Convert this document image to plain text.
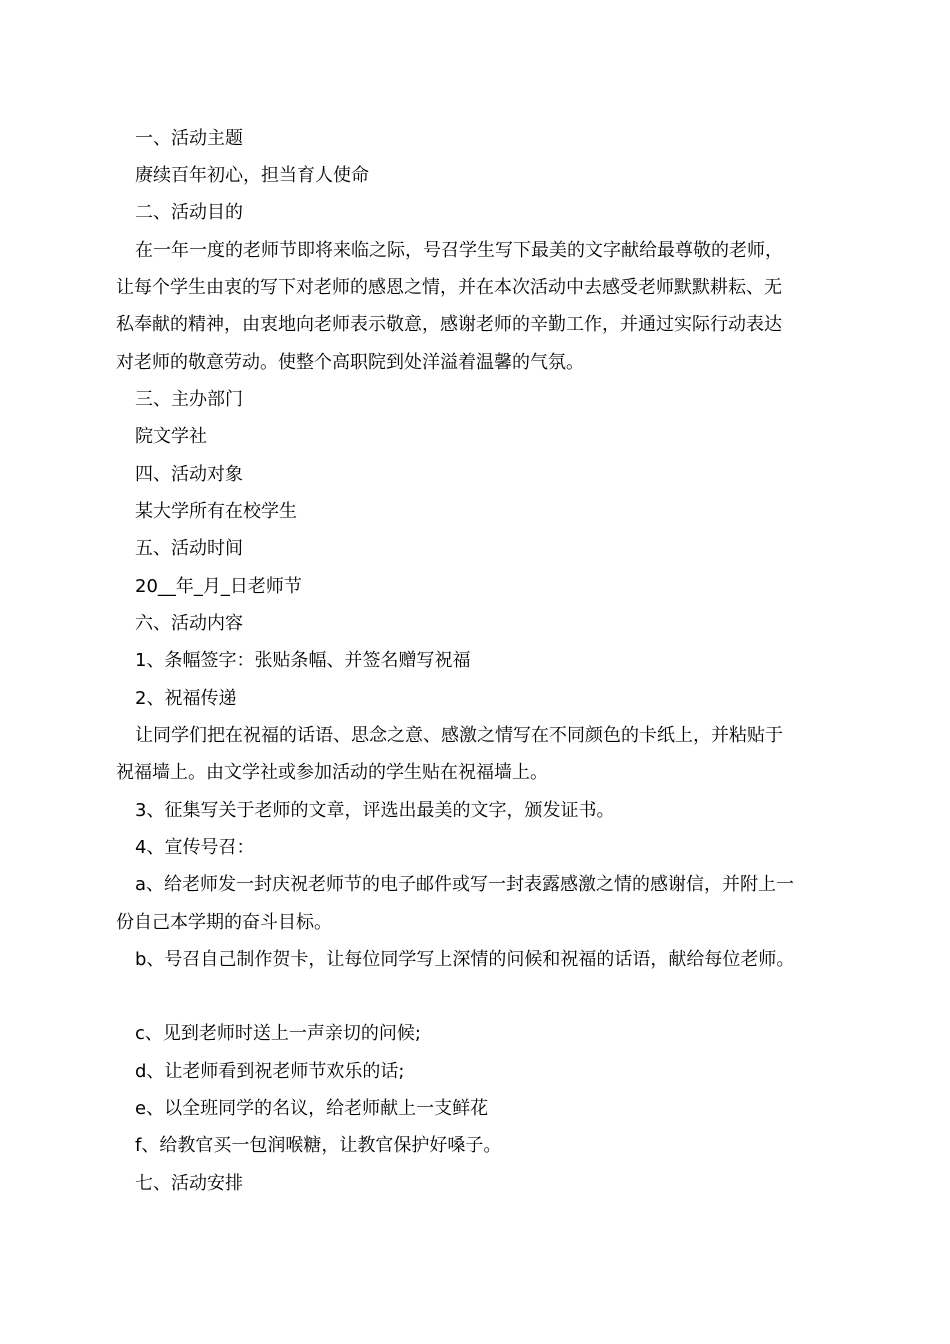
一、活动主题
赓续百年初心，担当育人使命
二、活动目的
在一年一度的老师节即将来临之际，号召学生写下最美的文字献给最尊敬的老师，
让每个学生由衷的写下对老师的感恩之情，并在本次活动中去感受老师默默耕耘、无
私奉献的精神，由衷地向老师表示敬意，感谢老师的辛勤工作，并通过实际行动表达
对老师的敬意劳动。使整个高职院到处洋溢着温馨的气氛。
三、主办部门
院文学社
四、活动对象
某大学所有在校学生
五、活动时间
20__年_月_日老师节
六、活动内容
1、条幅签字：张贴条幅、并签名赠写祝福
2、祝福传递
让同学们把在祝福的话语、思念之意、感激之情写在不同颜色的卡纸上，并粘贴于
祝福墙上。由文学社或参加活动的学生贴在祝福墙上。
3、征集写关于老师的文章，评选出最美的文字，颁发证书。
4、宣传号召：
a、给老师发一封庆祝老师节的电子邮件或写一封表露感激之情的感谢信，并附上一
份自己本学期的奋斗目标。
b、号召自己制作贺卡，让每位同学写上深情的问候和祝福的话语，献给每位老师。
c、见到老师时送上一声亲切的问候;
d、让老师看到祝老师节欢乐的话;
e、以全班同学的名议，给老师献上一支鲜花
f、给教官买一包润喉糖，让教官保护好嗓子。
七、活动安排
